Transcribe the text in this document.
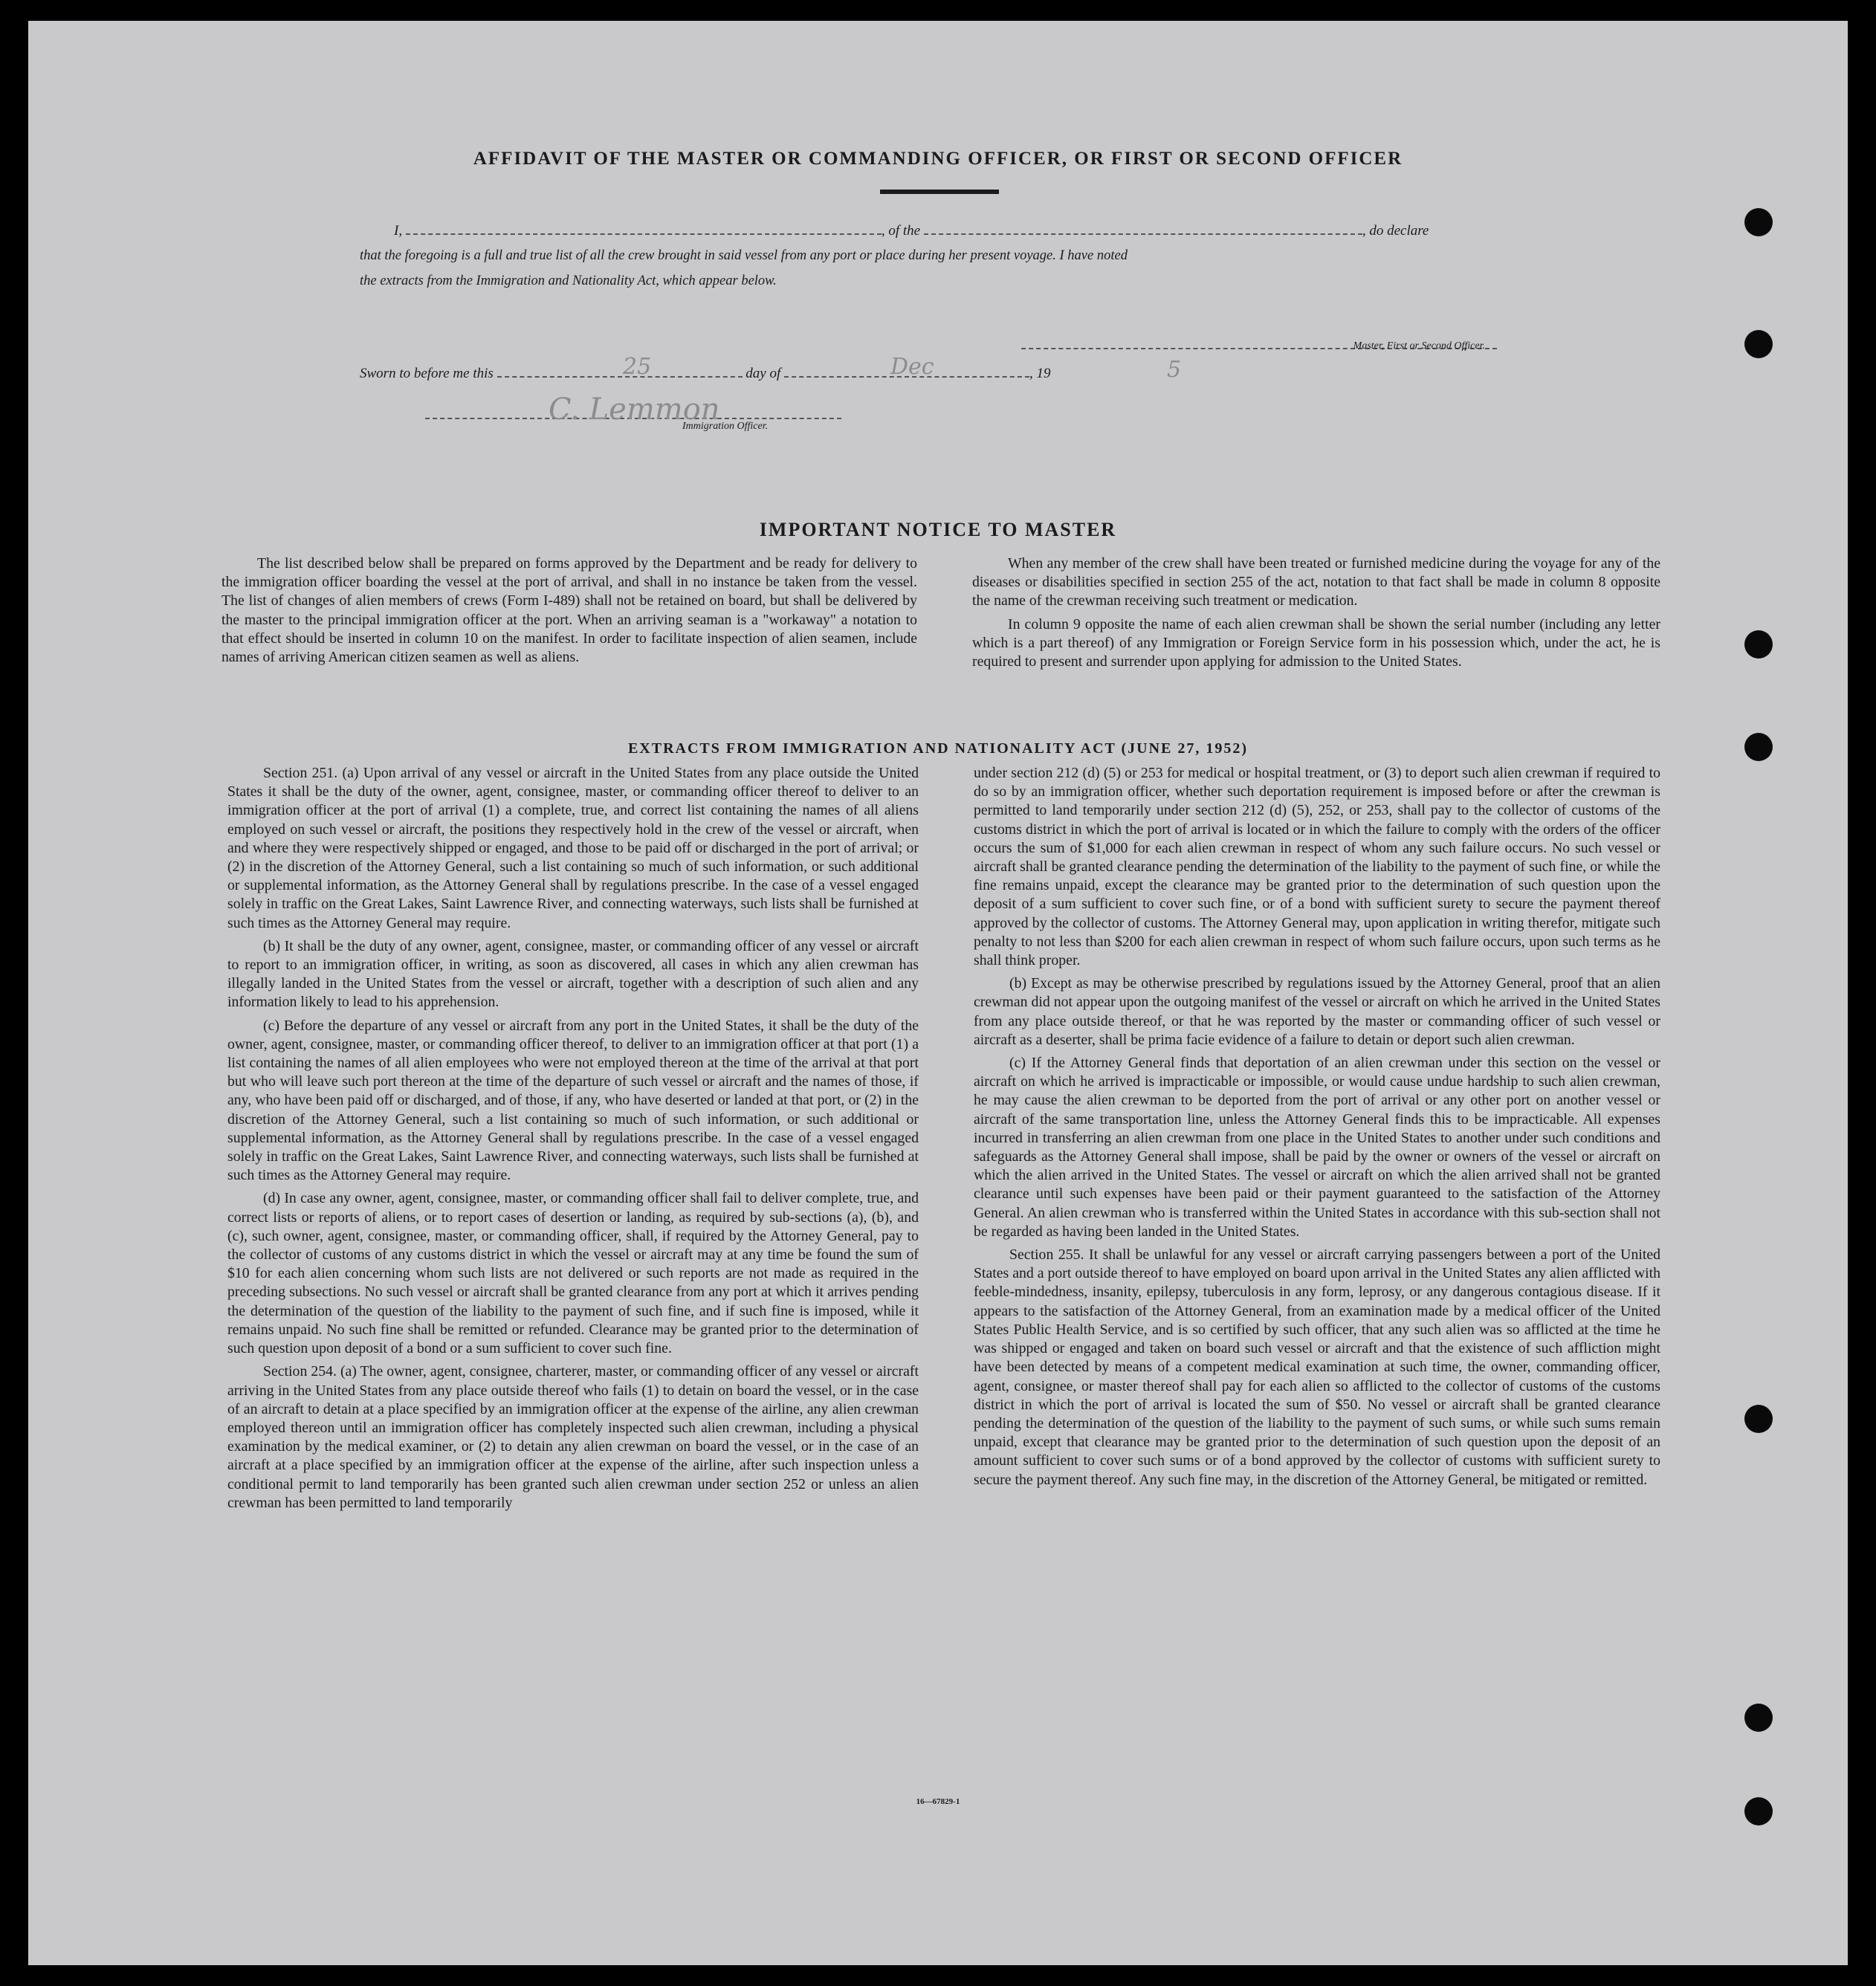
AFFIDAVIT OF THE MASTER OR COMMANDING OFFICER, OR FIRST OR SECOND OFFICER
I,	, of the	, do declare
that the foregoing is a full and true list of all the crew brought in said vessel from any port or place during her present voyage. I have noted
the extracts from the Immigration and Nationality Act, which appear below.
Master, First or Second Officer.
Sworn to before me this	day of	, 19
Immigration Officer.
25	Dec	5
C. Lemmon
IMPORTANT NOTICE TO MASTER

The list described below shall be prepared on forms approved by the Department and be ready for delivery to the immigration officer boarding the vessel at the port of arrival, and shall in no instance be taken from the vessel. The list of changes of alien members of crews (Form I-489) shall not be retained on board, but shall be delivered by the master to the principal immigration officer at the port. When an arriving seaman is a "workaway" a notation to that effect should be inserted in column 10 on the manifest. In order to facilitate inspection of alien seamen, include names of arriving American citizen seamen as well as aliens.

When any member of the crew shall have been treated or furnished medicine during the voyage for any of the diseases or disabilities specified in section 255 of the act, notation to that fact shall be made in column 8 opposite the name of the crewman receiving such treatment or medication.

In column 9 opposite the name of each alien crewman shall be shown the serial number (including any letter which is a part thereof) of any Immigration or Foreign Service form in his possession which, under the act, he is required to present and surrender upon applying for admission to the United States.

EXTRACTS FROM IMMIGRATION AND NATIONALITY ACT (JUNE 27, 1952)

Section 251. (a) Upon arrival of any vessel or aircraft in the United States from any place outside the United States it shall be the duty of the owner, agent, consignee, master, or commanding officer thereof to deliver to an immigration officer at the port of arrival (1) a complete, true, and correct list containing the names of all aliens employed on such vessel or aircraft, the positions they respectively hold in the crew of the vessel or aircraft, when and where they were respectively shipped or engaged, and those to be paid off or discharged in the port of arrival; or (2) in the discretion of the Attorney General, such a list containing so much of such information, or such additional or supplemental information, as the Attorney General shall by regulations prescribe. In the case of a vessel engaged solely in traffic on the Great Lakes, Saint Lawrence River, and connecting waterways, such lists shall be furnished at such times as the Attorney General may require.

(b) It shall be the duty of any owner, agent, consignee, master, or commanding officer of any vessel or aircraft to report to an immigration officer, in writing, as soon as discovered, all cases in which any alien crewman has illegally landed in the United States from the vessel or aircraft, together with a description of such alien and any information likely to lead to his apprehension.

(c) Before the departure of any vessel or aircraft from any port in the United States, it shall be the duty of the owner, agent, consignee, master, or commanding officer thereof, to deliver to an immigration officer at that port (1) a list containing the names of all alien employees who were not employed thereon at the time of the arrival at that port but who will leave such port thereon at the time of the departure of such vessel or aircraft and the names of those, if any, who have been paid off or discharged, and of those, if any, who have deserted or landed at that port, or (2) in the discretion of the Attorney General, such a list containing so much of such information, or such additional or supplemental information, as the Attorney General shall by regulations prescribe. In the case of a vessel engaged solely in traffic on the Great Lakes, Saint Lawrence River, and connecting waterways, such lists shall be furnished at such times as the Attorney General may require.

(d) In case any owner, agent, consignee, master, or commanding officer shall fail to deliver complete, true, and correct lists or reports of aliens, or to report cases of desertion or landing, as required by sub-sections (a), (b), and (c), such owner, agent, consignee, master, or commanding officer, shall, if required by the Attorney General, pay to the collector of customs of any customs district in which the vessel or aircraft may at any time be found the sum of $10 for each alien concerning whom such lists are not delivered or such reports are not made as required in the preceding subsections. No such vessel or aircraft shall be granted clearance from any port at which it arrives pending the determination of the question of the liability to the payment of such fine, and if such fine is imposed, while it remains unpaid. No such fine shall be remitted or refunded. Clearance may be granted prior to the determination of such question upon deposit of a bond or a sum sufficient to cover such fine.

Section 254. (a) The owner, agent, consignee, charterer, master, or commanding officer of any vessel or aircraft arriving in the United States from any place outside thereof who fails (1) to detain on board the vessel, or in the case of an aircraft to detain at a place specified by an immigration officer at the expense of the airline, any alien crewman employed thereon until an immigration officer has completely inspected such alien crewman, including a physical examination by the medical examiner, or (2) to detain any alien crewman on board the vessel, or in the case of an aircraft at a place specified by an immigration officer at the expense of the airline, after such inspection unless a conditional permit to land temporarily has been granted such alien crewman under section 252 or unless an alien crewman has been permitted to land temporarily

under section 212 (d) (5) or 253 for medical or hospital treatment, or (3) to deport such alien crewman if required to do so by an immigration officer, whether such deportation requirement is imposed before or after the crewman is permitted to land temporarily under section 212 (d) (5), 252, or 253, shall pay to the collector of customs of the customs district in which the port of arrival is located or in which the failure to comply with the orders of the officer occurs the sum of $1,000 for each alien crewman in respect of whom any such failure occurs. No such vessel or aircraft shall be granted clearance pending the determination of the liability to the payment of such fine, or while the fine remains unpaid, except the clearance may be granted prior to the determination of such question upon the deposit of a sum sufficient to cover such fine, or of a bond with sufficient surety to secure the payment thereof approved by the collector of customs. The Attorney General may, upon application in writing therefor, mitigate such penalty to not less than $200 for each alien crewman in respect of whom such failure occurs, upon such terms as he shall think proper.

(b) Except as may be otherwise prescribed by regulations issued by the Attorney General, proof that an alien crewman did not appear upon the outgoing manifest of the vessel or aircraft on which he arrived in the United States from any place outside thereof, or that he was reported by the master or commanding officer of such vessel or aircraft as a deserter, shall be prima facie evidence of a failure to detain or deport such alien crewman.

(c) If the Attorney General finds that deportation of an alien crewman under this section on the vessel or aircraft on which he arrived is impracticable or impossible, or would cause undue hardship to such alien crewman, he may cause the alien crewman to be deported from the port of arrival or any other port on another vessel or aircraft of the same transportation line, unless the Attorney General finds this to be impracticable. All expenses incurred in transferring an alien crewman from one place in the United States to another under such conditions and safeguards as the Attorney General shall impose, shall be paid by the owner or owners of the vessel or aircraft on which the alien arrived in the United States. The vessel or aircraft on which the alien arrived shall not be granted clearance until such expenses have been paid or their payment guaranteed to the satisfaction of the Attorney General. An alien crewman who is transferred within the United States in accordance with this sub-section shall not be regarded as having been landed in the United States.

Section 255. It shall be unlawful for any vessel or aircraft carrying passengers between a port of the United States and a port outside thereof to have employed on board upon arrival in the United States any alien afflicted with feeble-mindedness, insanity, epilepsy, tuberculosis in any form, leprosy, or any dangerous contagious disease. If it appears to the satisfaction of the Attorney General, from an examination made by a medical officer of the United States Public Health Service, and is so certified by such officer, that any such alien was so afflicted at the time he was shipped or engaged and taken on board such vessel or aircraft and that the existence of such affliction might have been detected by means of a competent medical examination at such time, the owner, commanding officer, agent, consignee, or master thereof shall pay for each alien so afflicted to the collector of customs of the customs district in which the port of arrival is located the sum of $50. No vessel or aircraft shall be granted clearance pending the determination of the question of the liability to the payment of such sums, or while such sums remain unpaid, except that clearance may be granted prior to the determination of such question upon the deposit of an amount sufficient to cover such sums or of a bond approved by the collector of customs with sufficient surety to secure the payment thereof. Any such fine may, in the discretion of the Attorney General, be mitigated or remitted.

16—67829-1
